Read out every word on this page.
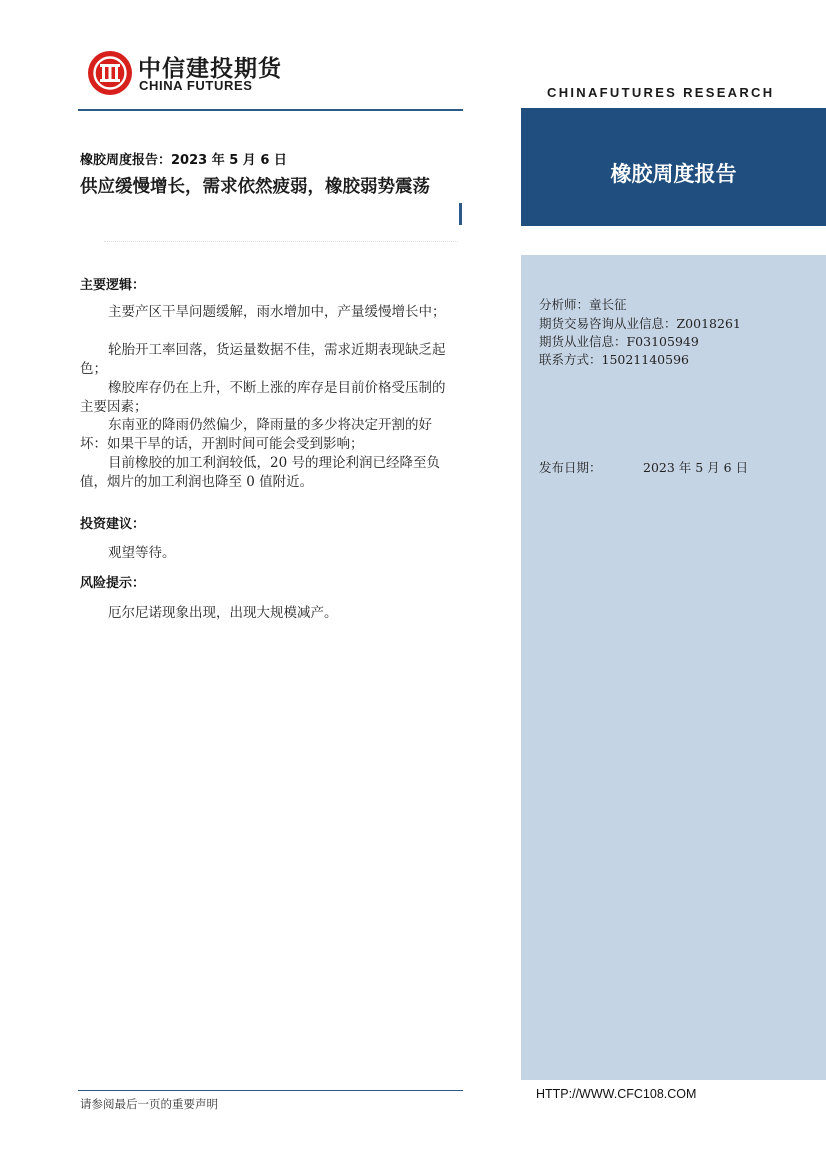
中信建投期货
CHINA FUTURES	CHINAFUTURES RESEARCH
橡胶周度报告
分析师：童长征
期货交易咨询从业信息：Z0018261
期货从业信息：F03105949
联系方式：15021140596
发布日期：	2023 年 5 月 6 日
HTTP://WWW.CFC108.COM
橡胶周度报告：2023 年 5 月 6 日
供应缓慢增长，需求依然疲弱，橡胶弱势震荡
主要逻辑：
主要产区干旱问题缓解，雨水增加中，产量缓慢增长中；
轮胎开工率回落，货运量数据不佳，需求近期表现缺乏起色；
橡胶库存仍在上升，不断上涨的库存是目前价格受压制的主要因素；
东南亚的降雨仍然偏少，降雨量的多少将决定开割的好坏：如果干旱的话，开割时间可能会受到影响；
目前橡胶的加工利润较低，20 号的理论利润已经降至负值，烟片的加工利润也降至 0 值附近。
投资建议：
观望等待。
风险提示：
厄尔尼诺现象出现，出现大规模减产。
请参阅最后一页的重要声明
